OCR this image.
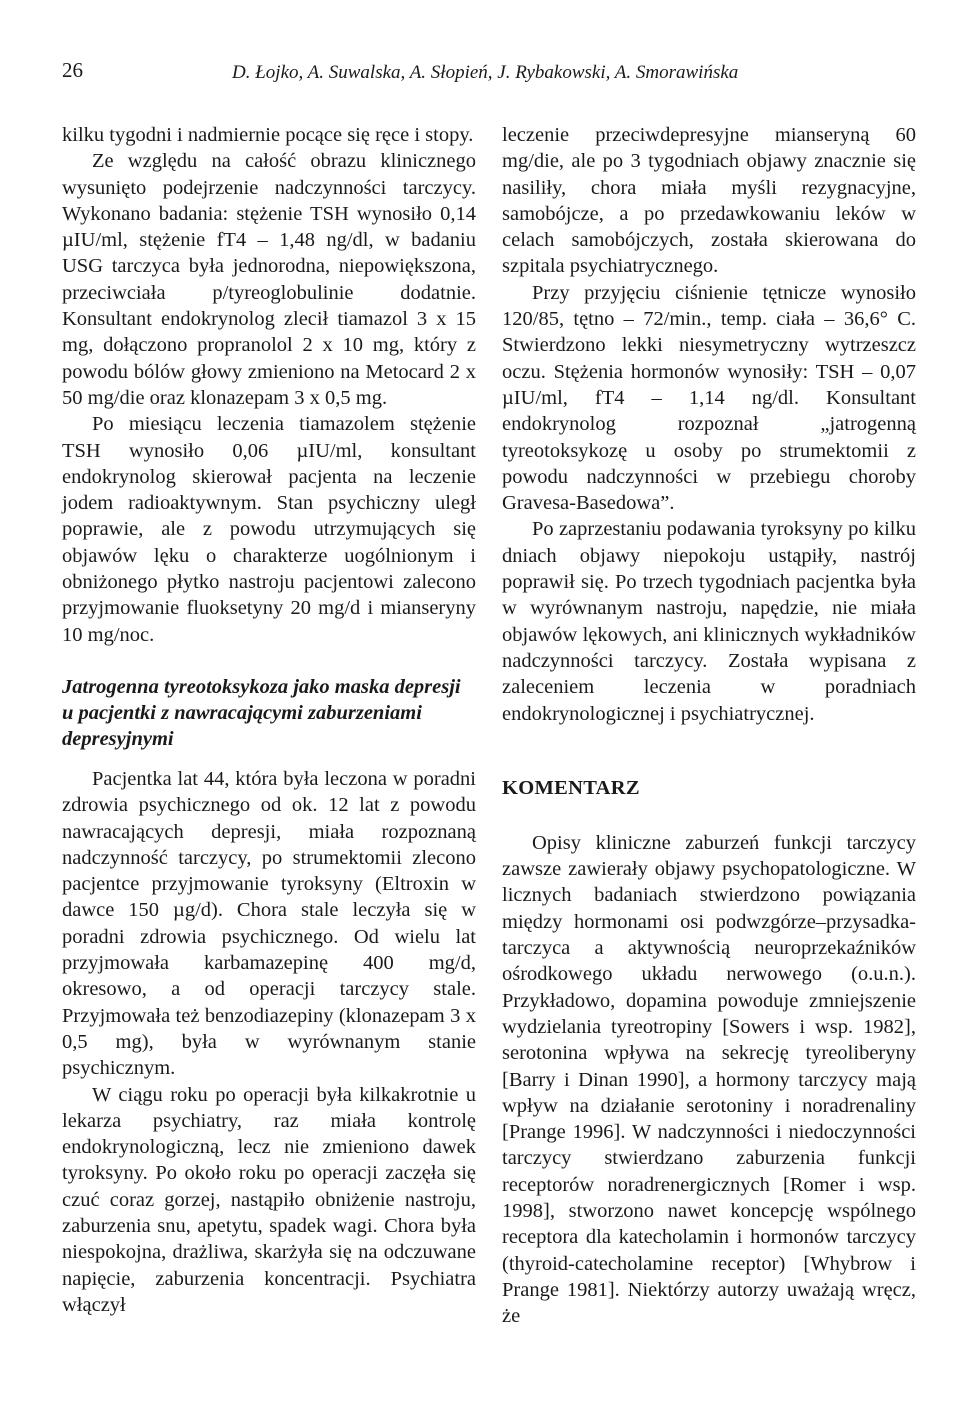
26	D. Łojko, A. Suwalska, A. Słopień, J. Rybakowski, A. Smorawińska

kilku tygodni i nadmiernie pocące się ręce i stopy.

Ze względu na całość obrazu klinicznego wysunięto podejrzenie nadczynności tarczycy. Wykonano badania: stężenie TSH wynosiło 0,14 µIU/ml, stężenie fT4 – 1,48 ng/dl, w badaniu USG tarczyca była jednorodna, niepowiększona, przeciwciała p/tyreoglobulinie dodatnie. Konsultant endokrynolog zlecił tiamazol 3 x 15 mg, dołączono propranolol 2 x 10 mg, który z powodu bólów głowy zmieniono na Metocard 2 x 50 mg/die oraz klonazepam 3 x 0,5 mg.

Po miesiącu leczenia tiamazolem stężenie TSH wynosiło 0,06 µIU/ml, konsultant endokrynolog skierował pacjenta na leczenie jodem radioaktywnym. Stan psychiczny uległ poprawie, ale z powodu utrzymujących się objawów lęku o charakterze uogólnionym i obniżonego płytko nastroju pacjentowi zalecono przyjmowanie fluoksetyny 20 mg/d i mianseryny 10 mg/noc.

Jatrogenna tyreotoksykoza jako maska depresji u pacjentki z nawracającymi zaburzeniami depresyjnymi

Pacjentka lat 44, która była leczona w poradni zdrowia psychicznego od ok. 12 lat z powodu nawracających depresji, miała rozpoznaną nadczynność tarczycy, po strumektomii zlecono pacjentce przyjmowanie tyroksyny (Eltroxin w dawce 150 µg/d). Chora stale leczyła się w poradni zdrowia psychicznego. Od wielu lat przyjmowała karbamazepinę 400 mg/d, okresowo, a od operacji tarczycy stale. Przyjmowała też benzodiazepiny (klonazepam 3 x 0,5 mg), była w wyrównanym stanie psychicznym.

W ciągu roku po operacji była kilkakrotnie u lekarza psychiatry, raz miała kontrolę endokrynologiczną, lecz nie zmieniono dawek tyroksyny. Po około roku po operacji zaczęła się czuć coraz gorzej, nastąpiło obniżenie nastroju, zaburzenia snu, apetytu, spadek wagi. Chora była niespokojna, drażliwa, skarżyła się na odczuwane napięcie, zaburzenia koncentracji. Psychiatra włączył

leczenie przeciwdepresyjne mianseryną 60 mg/die, ale po 3 tygodniach objawy znacznie się nasiliły, chora miała myśli rezygnacyjne, samobójcze, a po przedawkowaniu leków w celach samobójczych, została skierowana do szpitala psychiatrycznego.

Przy przyjęciu ciśnienie tętnicze wynosiło 120/85, tętno – 72/min., temp. ciała – 36,6° C. Stwierdzono lekki niesymetryczny wytrzeszcz oczu. Stężenia hormonów wynosiły: TSH – 0,07 µIU/ml, fT4 – 1,14 ng/dl. Konsultant endokrynolog rozpoznał „jatrogenną tyreotoksykozę u osoby po strumektomii z powodu nadczynności w przebiegu choroby Gravesa-Basedowa”.

Po zaprzestaniu podawania tyroksyny po kilku dniach objawy niepokoju ustąpiły, nastrój poprawił się. Po trzech tygodniach pacjentka była w wyrównanym nastroju, napędzie, nie miała objawów lękowych, ani klinicznych wykładników nadczynności tarczycy. Została wypisana z zaleceniem leczenia w poradniach endokrynologicznej i psychiatrycznej.

KOMENTARZ

Opisy kliniczne zaburzeń funkcji tarczycy zawsze zawierały objawy psychopatologiczne. W licznych badaniach stwierdzono powiązania między hormonami osi podwzgórze–przysadka-tarczyca a aktywnością neuroprzekaźników ośrodkowego układu nerwowego (o.u.n.). Przykładowo, dopamina powoduje zmniejszenie wydzielania tyreotropiny [Sowers i wsp. 1982], serotonina wpływa na sekrecję tyreoliberyny [Barry i Dinan 1990], a hormony tarczycy mają wpływ na działanie serotoniny i noradrenaliny [Prange 1996]. W nadczynności i niedoczynności tarczycy stwierdzano zaburzenia funkcji receptorów noradrenergicznych [Romer i wsp. 1998], stworzono nawet koncepcję wspólnego receptora dla katecholamin i hormonów tarczycy (thyroid-catecholamine receptor) [Whybrow i Prange 1981]. Niektórzy autorzy uważają wręcz, że
